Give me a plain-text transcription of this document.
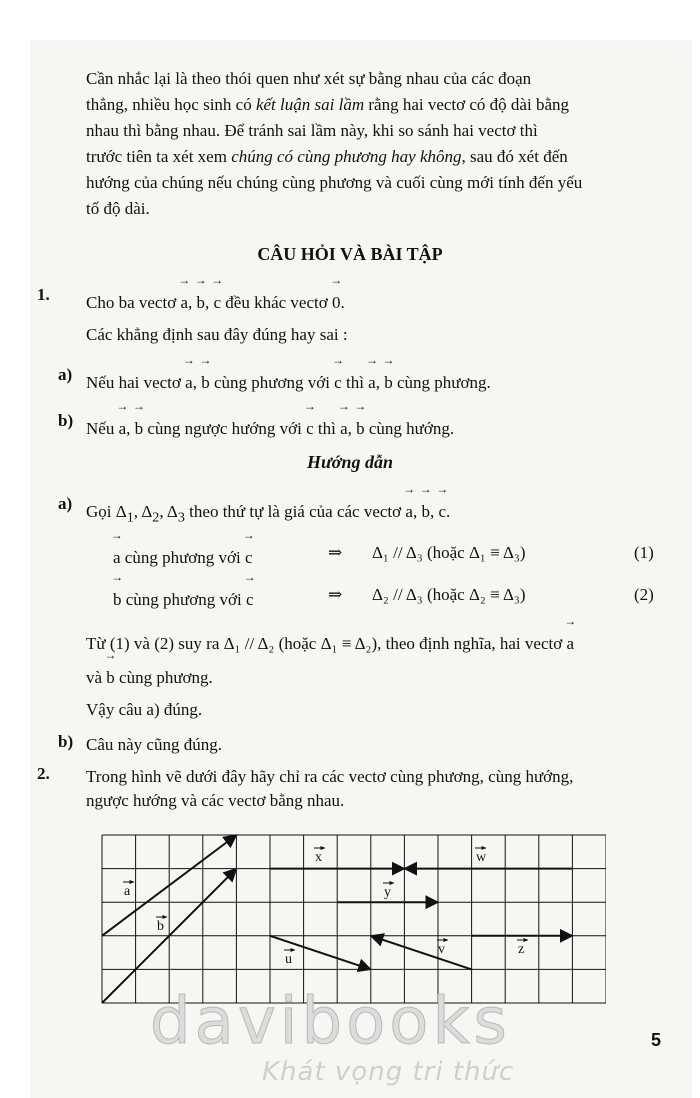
Cần nhắc lại là theo thói quen như xét sự bằng nhau của các đoạn

thẳng, nhiều học sinh có kết luận sai lầm rằng hai vectơ có độ dài bằng

nhau thì bằng nhau. Để tránh sai lầm này, khi so sánh hai vectơ thì

trước tiên ta xét xem chúng có cùng phương hay không, sau đó xét đến

hướng của chúng nếu chúng cùng phương và cuối cùng mới tính đến yếu

tố độ dài.

CÂU HỎI VÀ BÀI TẬP
1. Cho ba vectơ → a, → b, → c đều khác vectơ → 0.

Các khẳng định sau đây đúng hay sai :

a) Nếu hai vectơ → a, → b cùng phương với → c thì → a, → b cùng phương.

b) Nếu → a, → b cùng ngược hướng với → c thì → a, → b cùng hướng.

Hướng dẫn
a) Gọi $\Delta_1$, $\Delta_2$, $\Delta_3$ theo thứ tự là giá của các vectơ → a, → b, → c.

→ a cùng phương với → c	⇒ Δ₁ // Δ₃ (hoặc Δ₁ ≡ Δ₃)	(1)

→ b cùng phương với → c	⇒ Δ₂ // Δ₃ (hoặc Δ₂ ≡ Δ₃)	(2)

Từ (1) và (2) suy ra Δ₁ // Δ₂ (hoặc Δ₁ ≡ Δ₂), theo định nghĩa, hai vectơ → a

và → b cùng phương.

Vậy câu a) đúng.

b) Câu này cũng đúng.

2. Trong hình vẽ dưới đây hãy chỉ ra các vectơ cùng phương, cùng hướng,

ngược hướng và các vectơ bằng nhau.

a
b
x	w
y
u
v	z
davibooks
Khát vọng tri thức
5
